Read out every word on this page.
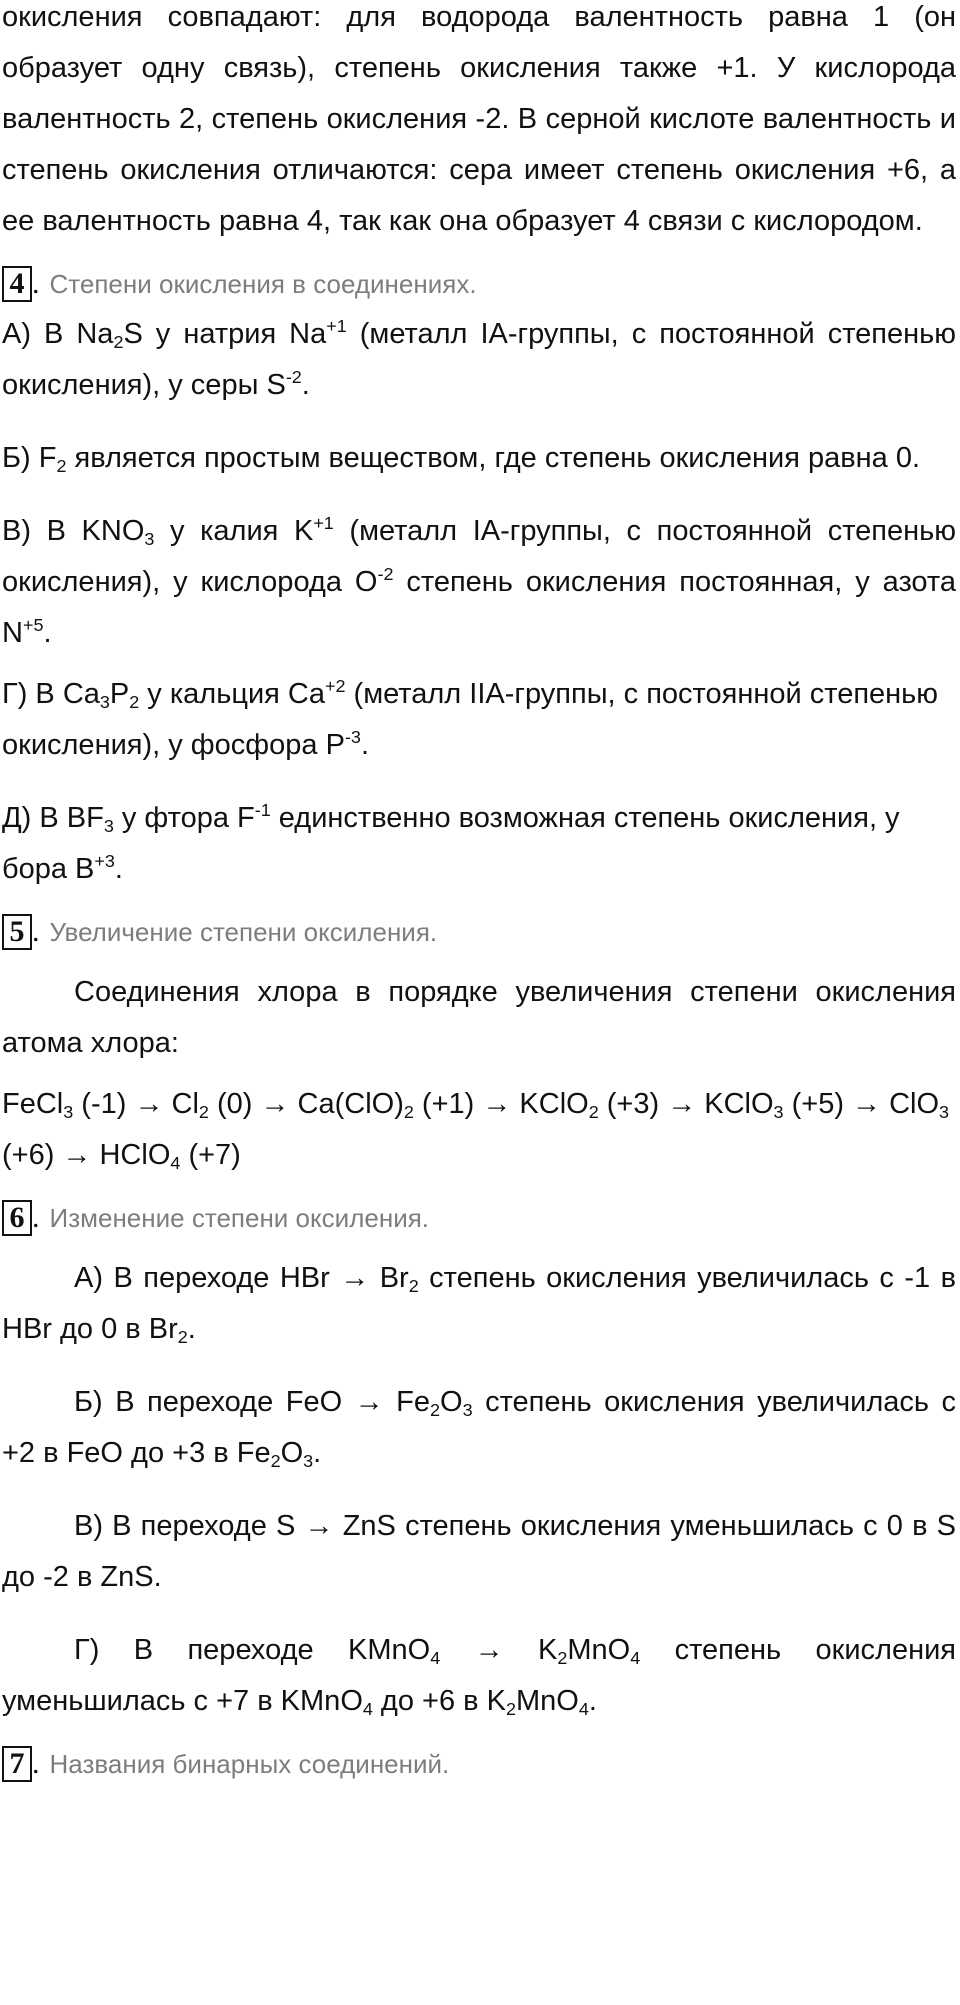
окисления совпадают: для водорода валентность равна 1 (он образует одну связь), степень окисления также +1. У кислорода валентность 2, степень окисления -2. В серной кислоте валентность и степень окисления отличаются: сера имеет степень окисления +6, а ее валентность равна 4, так как она образует 4 связи с кислородом.

4 . Степени окисления в соединениях.

А) В $Na_2S$ у натрия $Na^{+1}$ (металл IA-группы, с постоянной степенью окисления), у серы $S^{-2}$.

Б) $F_2$ является простым веществом, где степень окисления равна 0.

В) В $KNO_3$ у калия $K^{+1}$ (металл IA-группы, с постоянной степенью окисления), у кислорода $O^{-2}$ степень окисления постоянная, у азота $N^{+5}$.

Г) В $Ca_3P_2$ у кальция $Ca^{+2}$ (металл IIA-группы, с постоянной степенью окисления), у фосфора $P^{-3}$.

Д) В $BF_3$ у фтора $F^{-1}$ единственно возможная степень окисления, у бора $B^{+3}$.

5 . Увеличение степени оксиления.

Соединения хлора в порядке увеличения степени окисления атома хлора:

FeCl$_3$ $(-1) \to Cl_2$ $(0) \to Ca(ClO)_2$ (+1) → KClO$_2$ (+3) → KClO$_3$ (+5) → ClO$_3$ (+6) → HClO$_4$ (+7)

6 . Изменение степени оксиления.

А) В переходе HBr → $Br_2$ степень окисления увеличилась с -1 в HBr до 0 в $Br_2$.

Б) В переходе FeO → $Fe_2O_3$ степень окисления увеличилась с +2 в FeO до +3 в $Fe_2O_3$.

В) В переходе S → ZnS степень окисления уменьшилась с 0 в S до -2 в ZnS.

Г) В переходе KMnO$_4$ → $K_2MnO_4$ степень окисления уменьшилась с +7 в KMnO$_4$ до +6 в $K_2MnO_4$.

7 . Названия бинарных соединений.
